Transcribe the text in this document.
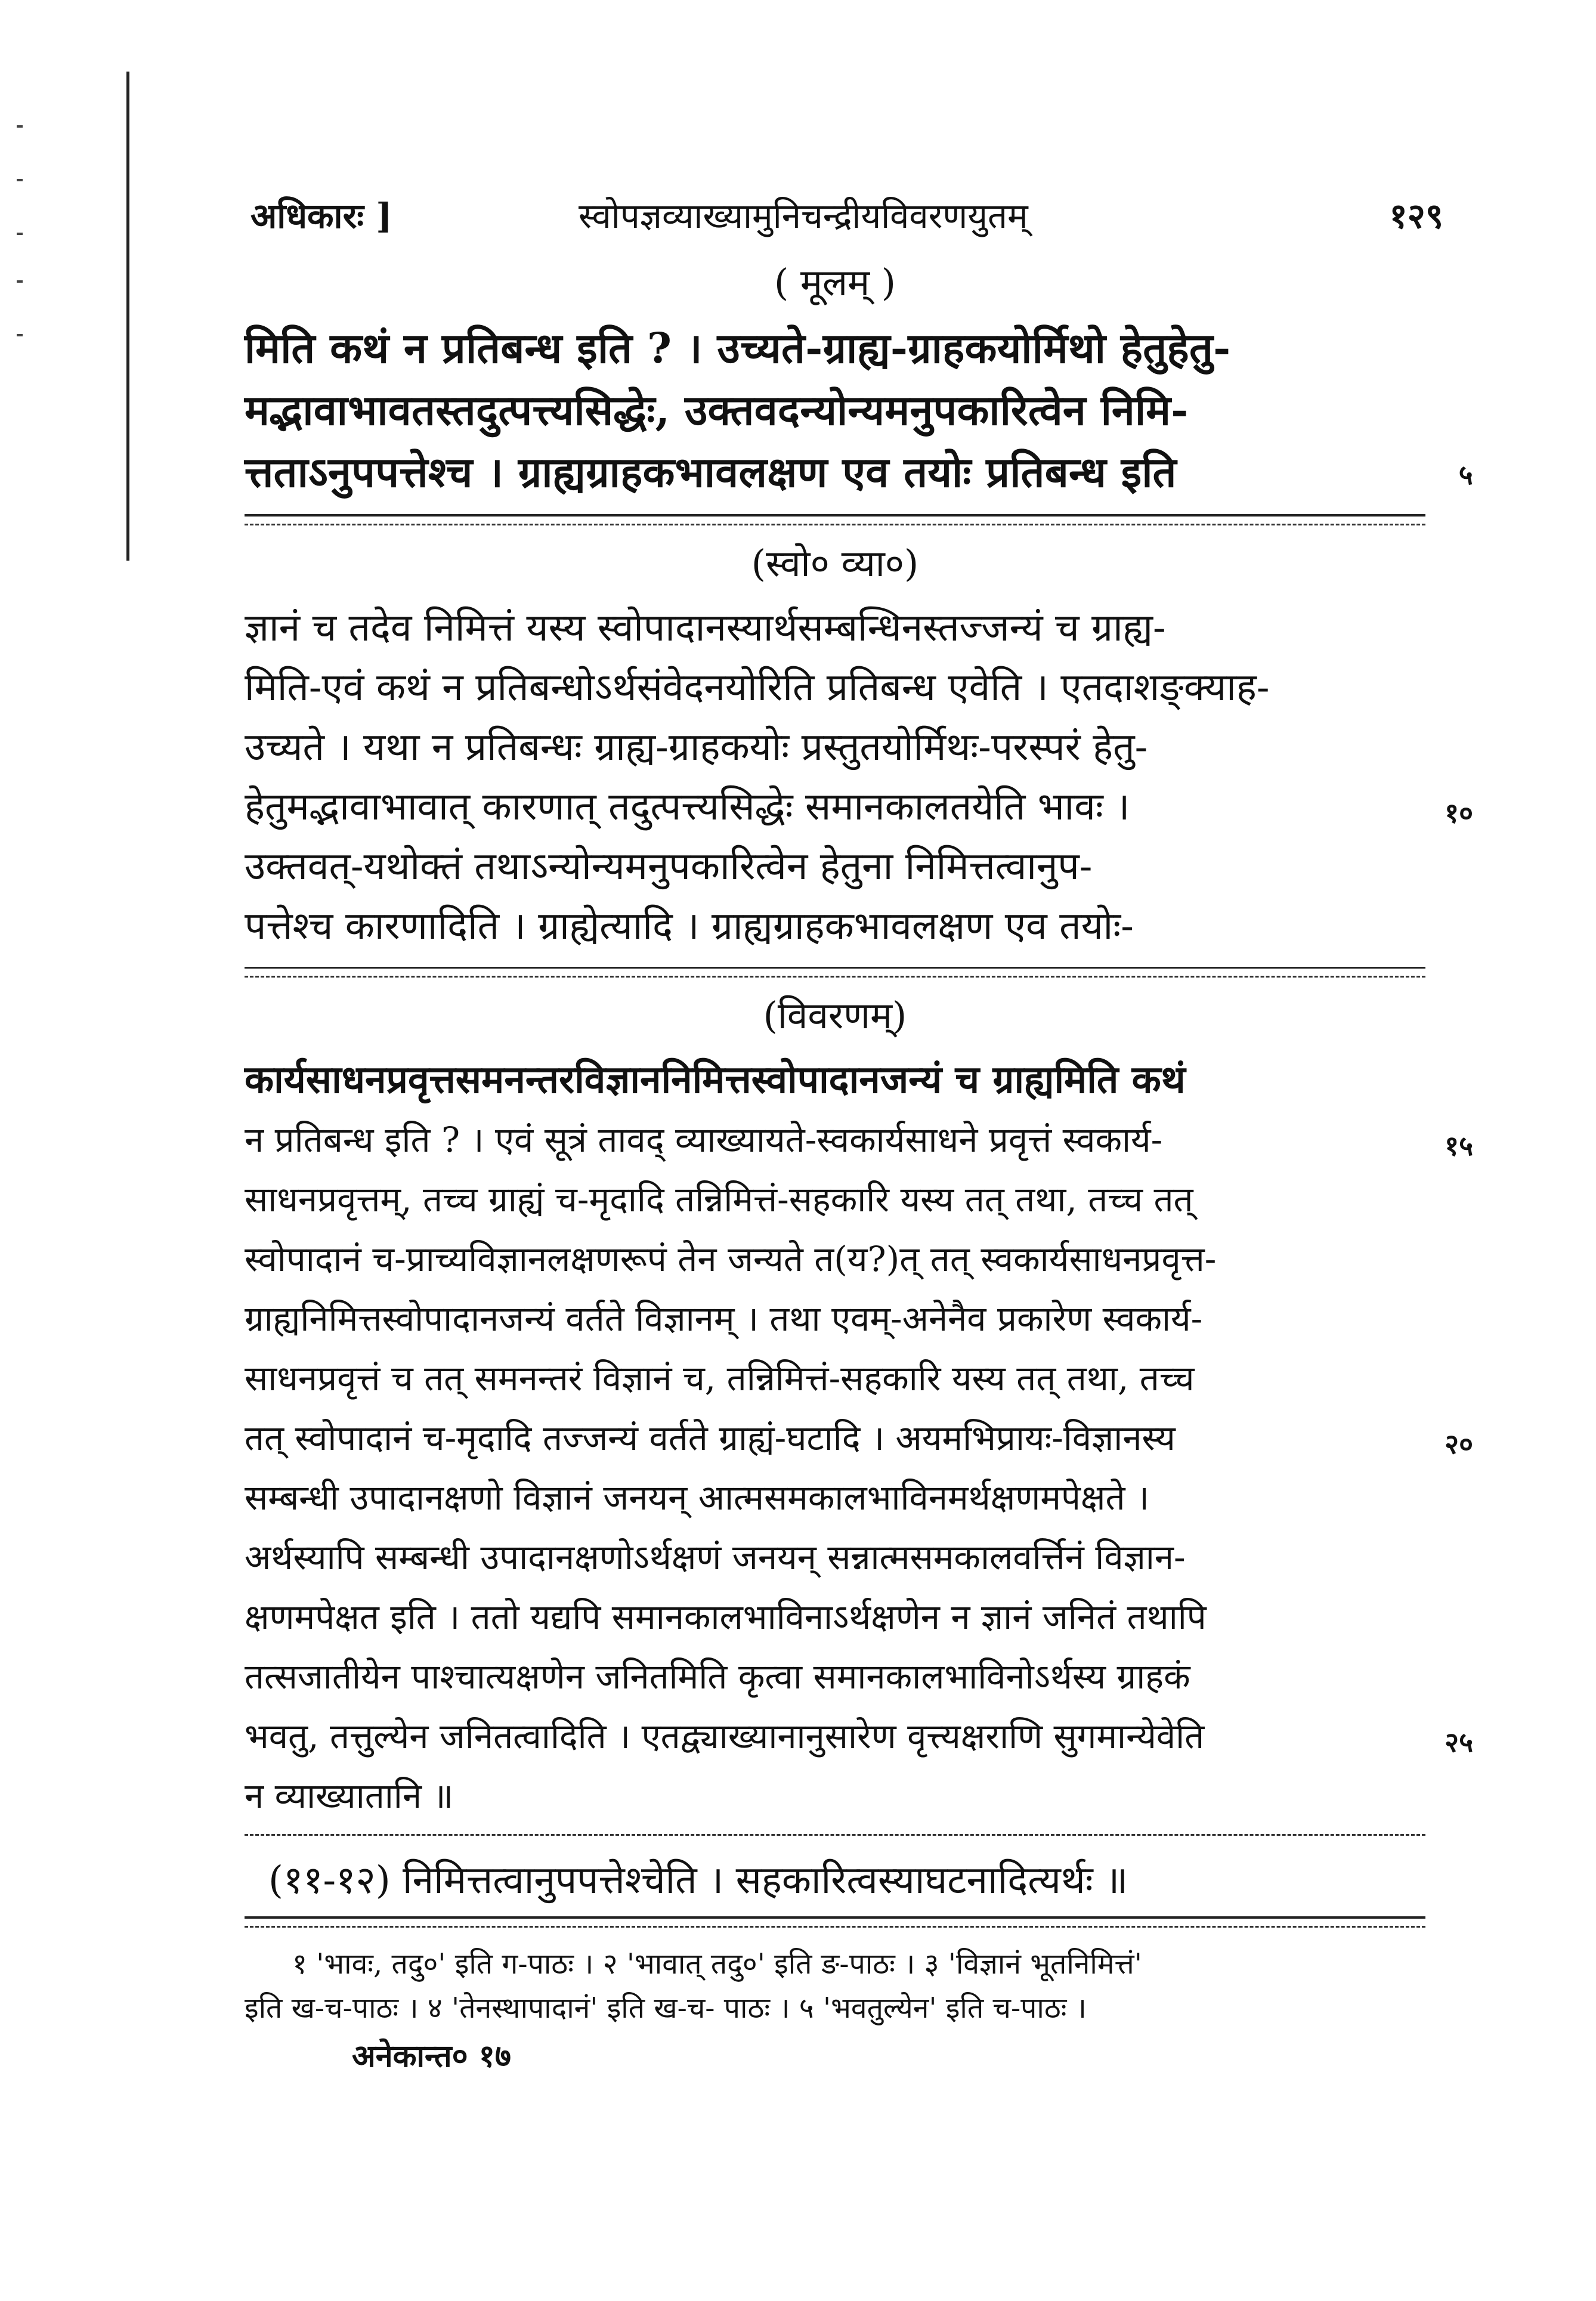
अधिकारः ]	स्वोपज्ञव्याख्यामुनिचन्द्रीयविवरणयुतम्	१२९
( मूलम् )
मिति कथं न प्रतिबन्ध इति ? । उच्यते-ग्राह्य-ग्राहकयोर्मिथो हेतुहेतु-
मद्भावाभावतस्तदुत्पत्त्यसिद्धेः, उक्तवदन्योन्यमनुपकारित्वेन निमि-
त्तताऽनुपपत्तेश्च । ग्राह्यग्राहकभावलक्षण एव तयोः प्रतिबन्ध इति	५
(स्वो० व्या०)
ज्ञानं च तदेव निमित्तं यस्य स्वोपादानस्यार्थसम्बन्धिनस्तज्जन्यं च ग्राह्य-
मिति-एवं कथं न प्रतिबन्धोऽर्थसंवेदनयोरिति प्रतिबन्ध एवेति । एतदाशङ्क्याह-
उच्यते । यथा न प्रतिबन्धः ग्राह्य-ग्राहकयोः प्रस्तुतयोर्मिथः-परस्परं हेतु-
हेतुमद्भावाभावात् कारणात् तदुत्पत्त्यसिद्धेः समानकालतयेति भावः ।	१०
उक्तवत्-यथोक्तं तथाऽन्योन्यमनुपकारित्वेन हेतुना निमित्तत्वानुप-
पत्तेश्च कारणादिति । ग्राह्येत्यादि । ग्राह्यग्राहकभावलक्षण एव तयोः-
(विवरणम्)
कार्यसाधनप्रवृत्तसमनन्तरविज्ञाननिमित्तस्वोपादानजन्यं च ग्राह्यमिति कथं
न प्रतिबन्ध इति ? । एवं सूत्रं तावद् व्याख्यायते-स्वकार्यसाधने प्रवृत्तं स्वकार्य-	१५
साधनप्रवृत्तम्, तच्च ग्राह्यं च-मृदादि तन्निमित्तं-सहकारि यस्य तत् तथा, तच्च तत्
स्वोपादानं च-प्राच्यविज्ञानलक्षणरूपं तेन जन्यते त(य?)त् तत् स्वकार्यसाधनप्रवृत्त-
ग्राह्यनिमित्तस्वोपादानजन्यं वर्तते विज्ञानम् । तथा एवम्-अनेनैव प्रकारेण स्वकार्य-
साधनप्रवृत्तं च तत् समनन्तरं विज्ञानं च, तन्निमित्तं-सहकारि यस्य तत् तथा, तच्च
तत् स्वोपादानं च-मृदादि तज्जन्यं वर्तते ग्राह्यं-घटादि । अयमभिप्रायः-विज्ञानस्य	२०
सम्बन्धी उपादानक्षणो विज्ञानं जनयन् आत्मसमकालभाविनमर्थक्षणमपेक्षते ।
अर्थस्यापि सम्बन्धी उपादानक्षणोऽर्थक्षणं जनयन् सन्नात्मसमकालवर्त्तिनं विज्ञान-
क्षणमपेक्षत इति । ततो यद्यपि समानकालभाविनाऽर्थक्षणेन न ज्ञानं जनितं तथापि
तत्सजातीयेन पाश्चात्यक्षणेन जनितमिति कृत्वा समानकालभाविनोऽर्थस्य ग्राहकं
भवतु, तत्तुल्येन जनितत्वादिति । एतद्व्याख्यानानुसारेण वृत्त्यक्षराणि सुगमान्येवेति	२५
न व्याख्यातानि ॥
(११-१२) निमित्तत्वानुपपत्तेश्चेति । सहकारित्वस्याघटनादित्यर्थः ॥
१ 'भावः, तदु०' इति ग-पाठः । २ 'भावात् तदु०' इति ङ-पाठः । ३ 'विज्ञानं भूतनिमित्तं'
इति ख-च-पाठः । ४ 'तेनस्थापादानं' इति ख-च- पाठः । ५ 'भवतुल्येन' इति च-पाठः ।
अनेकान्त० १७
